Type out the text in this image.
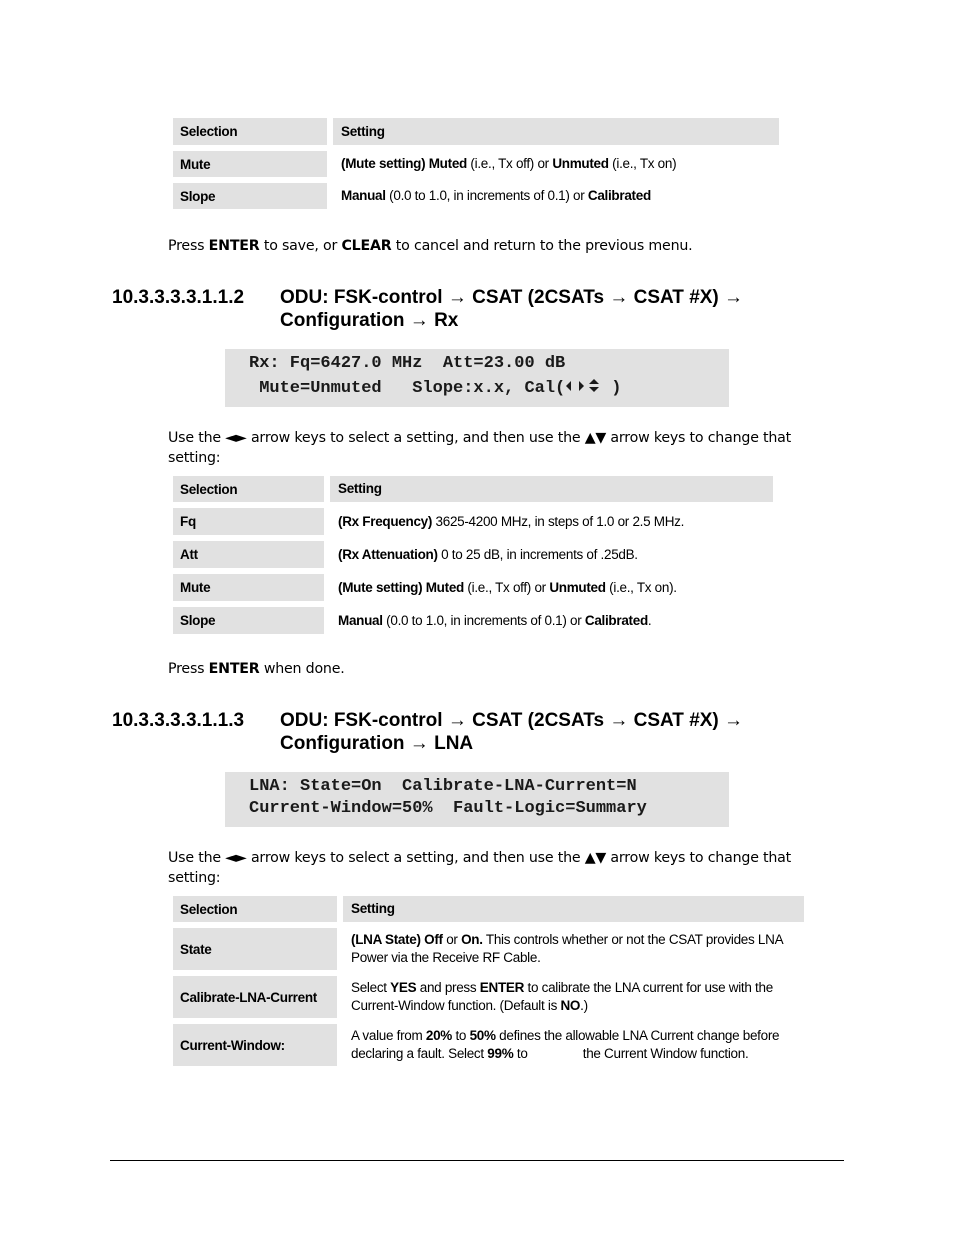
Selection	Setting
Mute	(Mute setting) Muted (i.e., Tx off) or Unmuted (i.e., Tx on)
Slope	Manual (0.0 to 1.0, in increments of 0.1) or Calibrated
Press ENTER to save, or CLEAR to cancel and return to the previous menu.
10.3.3.3.3.1.1.2 ODU: FSK-control → CSAT (2CSATs → CSAT #X) →
Configuration → Rx

Rx: Fq=6427.0 MHz  Att=23.00 dB

Mute=Unmuted   Slope:x.x, Cal(	)

Use the ◄► arrow keys to select a setting, and then use the ▲▼ arrow keys to change that setting:
Selection	Setting
Fq	(Rx Frequency) 3625-4200 MHz, in steps of 1.0 or 2.5 MHz.
Att	(Rx Attenuation) 0 to 25 dB, in increments of .25dB.
Mute	(Mute setting) Muted (i.e., Tx off) or Unmuted (i.e., Tx on).
Slope	Manual (0.0 to 1.0, in increments of 0.1) or Calibrated.
Press ENTER when done.
10.3.3.3.3.1.1.3 ODU: FSK-control → CSAT (2CSATs → CSAT #X) →
Configuration → LNA

LNA: State=On  Calibrate-LNA-Current=N

Current-Window=50%  Fault-Logic=Summary

Use the ◄► arrow keys to select a setting, and then use the ▲▼ arrow keys to change that setting:
Selection	Setting
State	(LNA State) Off or On. This controls whether or not the CSAT provides LNA Power via the Receive RF Cable.
Calibrate-LNA-Current	Select YES and press ENTER to calibrate the LNA current for use with the Current-Window function. (Default is NO.)
Current-Window:	A value from 20% to 50% defines the allowable LNA Current change before declaring a fault. Select 99% to                the Current Window function.
